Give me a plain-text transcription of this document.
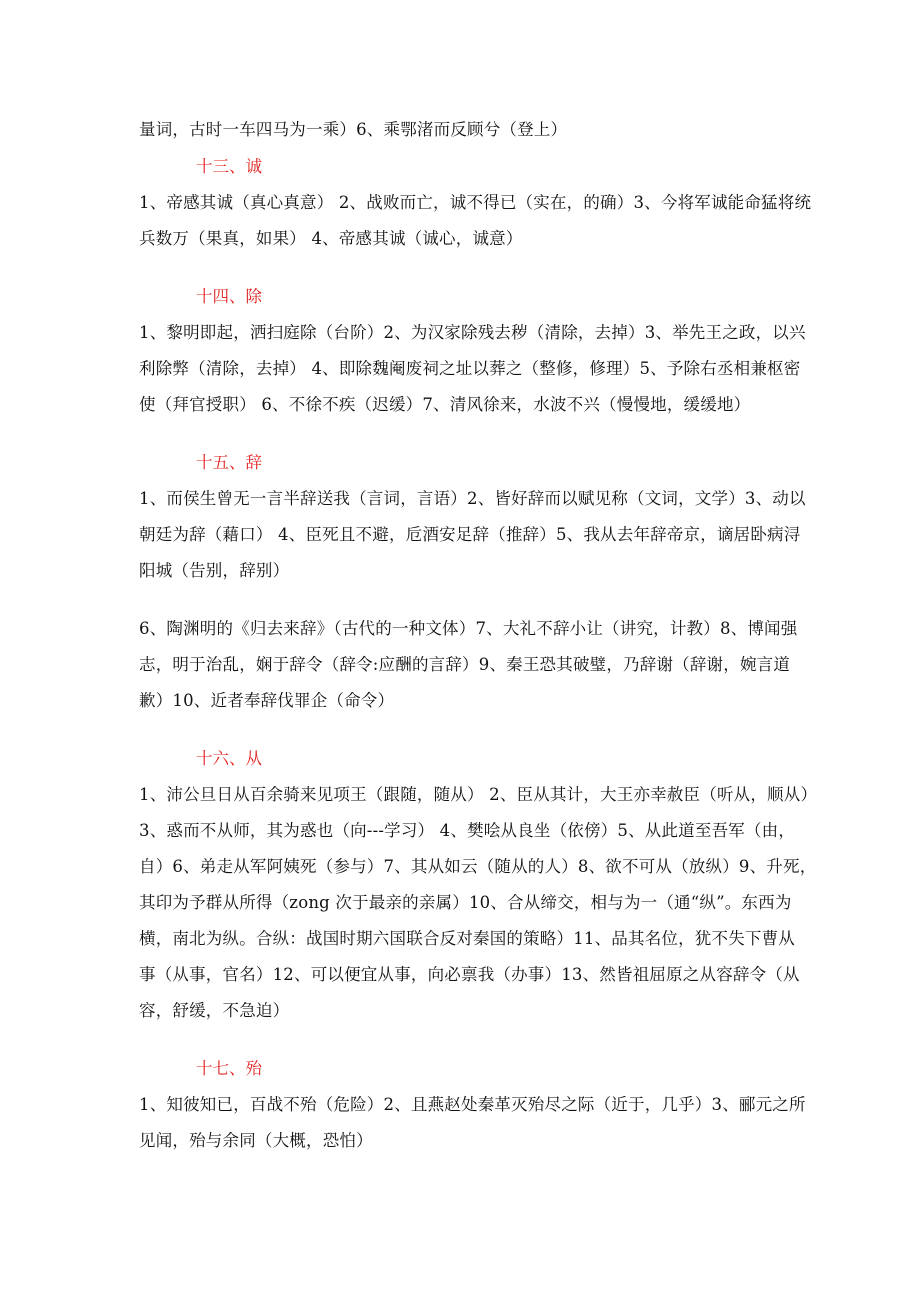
量词，古时一车四马为一乘）6、乘鄂渚而反顾兮（登上）
十三、诚
1、帝感其诚（真心真意） 2、战败而亡，诚不得已（实在，的确）3、今将军诚能命猛将统
兵数万（果真，如果） 4、帝感其诚（诚心，诚意）
十四、除
1、黎明即起，洒扫庭除（台阶）2、为汉家除残去秽（清除，去掉）3、举先王之政，以兴
利除弊（清除，去掉） 4、即除魏阉废祠之址以葬之（整修，修理）5、予除右丞相兼枢密
使（拜官授职） 6、不徐不疾（迟缓）7、清风徐来，水波不兴（慢慢地，缓缓地）
十五、辞
1、而侯生曾无一言半辞送我（言词，言语）2、皆好辞而以赋见称（文词，文学）3、动以
朝廷为辞（藉口） 4、臣死且不避，卮酒安足辞（推辞）5、我从去年辞帝京，谪居卧病浔
阳城（告别，辞别）
6、陶渊明的《归去来辞》（古代的一种文体）7、大礼不辞小让（讲究，计教）8、博闻强
志，明于治乱，娴于辞令（辞令:应酬的言辞）9、秦王恐其破璧，乃辞谢（辞谢，婉言道
歉）10、近者奉辞伐罪企（命令）
十六、从
1、沛公旦日从百余骑来见项王（跟随，随从） 2、臣从其计，大王亦幸赦臣（听从，顺从）
3、惑而不从师，其为惑也（向---学习） 4、樊哙从良坐（依傍）5、从此道至吾军（由，
自）6、弟走从军阿姨死（参与）7、其从如云（随从的人）8、欲不可从（放纵）9、升死，
其印为予群从所得（zong 次于最亲的亲属）10、合从缔交，相与为一（通“纵”。东西为
横，南北为纵。合纵：战国时期六国联合反对秦国的策略）11、品其名位，犹不失下曹从
事（从事，官名）12、可以便宜从事，向必禀我（办事）13、然皆祖屈原之从容辞令（从
容，舒缓，不急迫）
十七、殆
1、知彼知已，百战不殆（危险）2、且燕赵处秦革灭殆尽之际（近于，几乎）3、郦元之所
见闻，殆与余同（大概，恐怕）
